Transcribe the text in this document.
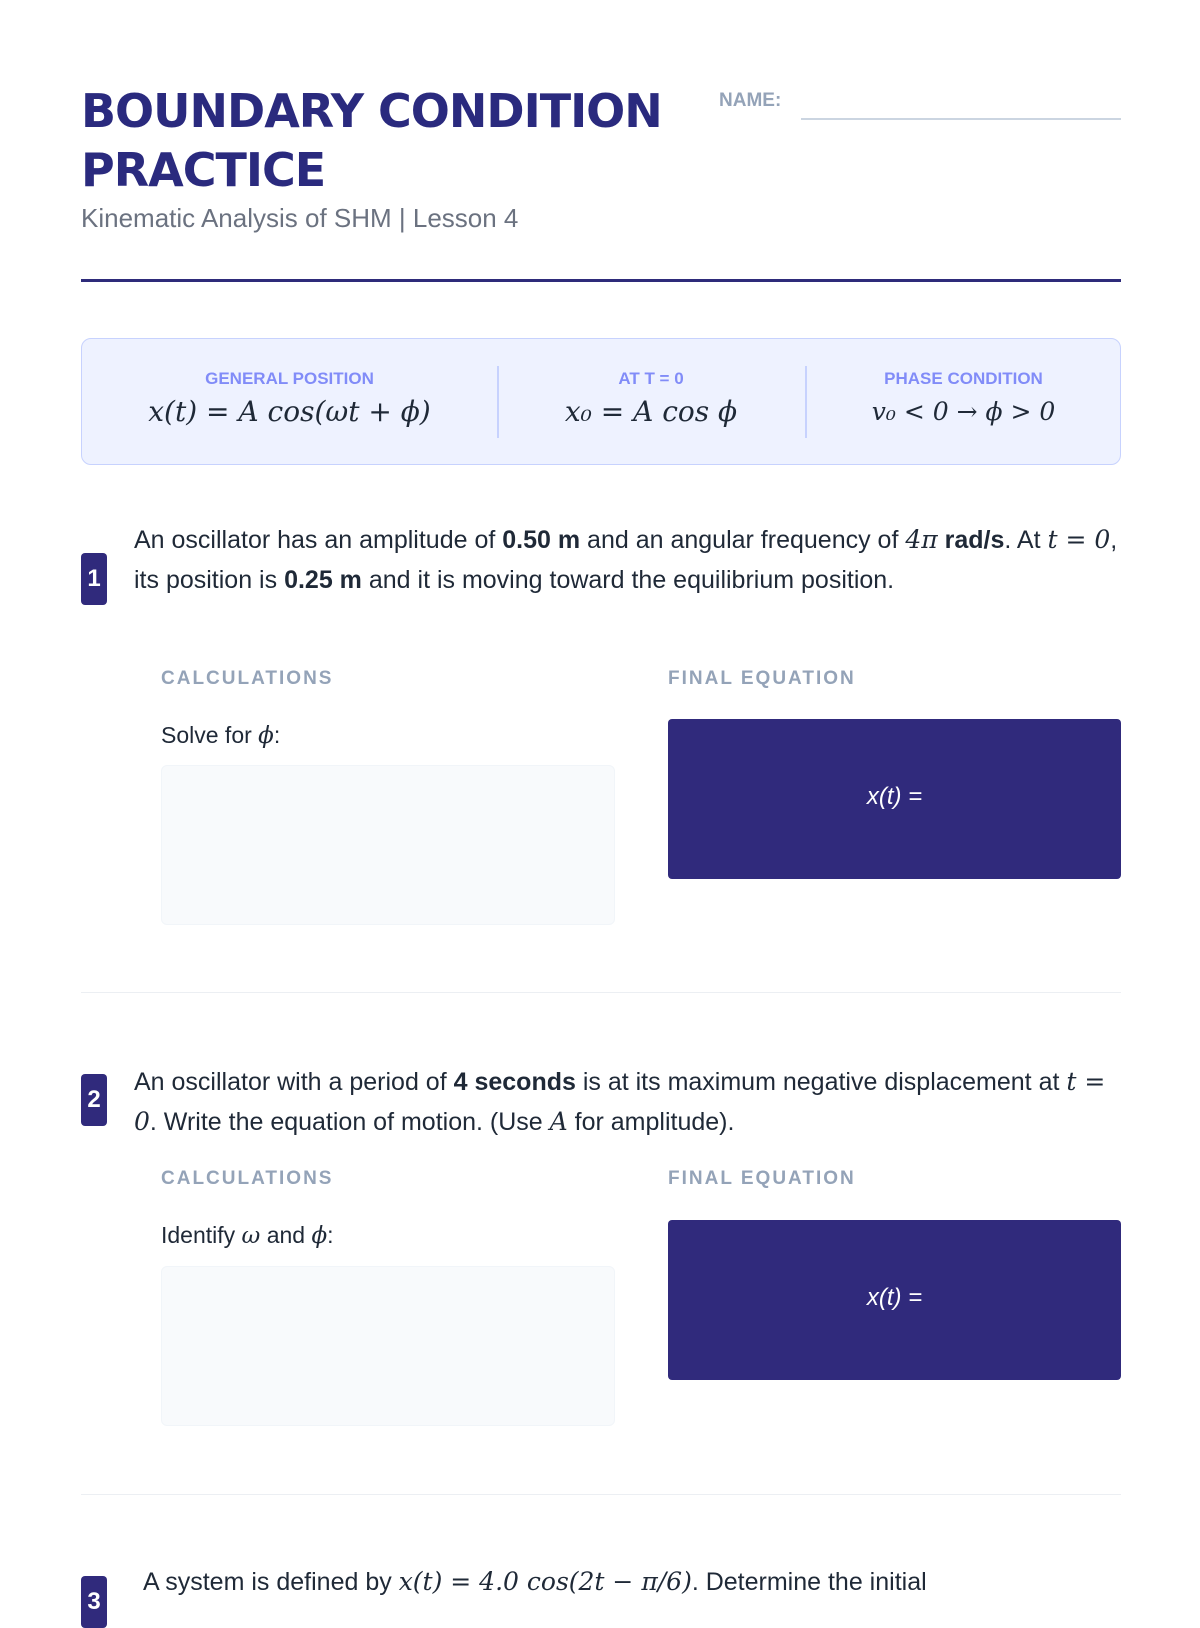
BOUNDARY CONDITION PRACTICE
Kinematic Analysis of SHM | Lesson 4
NAME:
GENERAL POSITION
x(t) = A cos(ωt + ϕ)
AT T = 0
x₀ = A cos ϕ
PHASE CONDITION
v₀ < 0 → ϕ > 0
1
An oscillator has an amplitude of 0.50 m and an angular frequency of 4π rad/s. At t = 0, its position is 0.25 m and it is moving toward the equilibrium position.
CALCULATIONS	FINAL EQUATION
Solve for ϕ:
x(t) =
2
An oscillator with a period of 4 seconds is at its maximum negative displacement at t = 0. Write the equation of motion. (Use A for amplitude).
CALCULATIONS	FINAL EQUATION
Identify ω and ϕ:
x(t) =
3
A system is defined by x(t) = 4.0 cos(2t − π/6). Determine the initial
